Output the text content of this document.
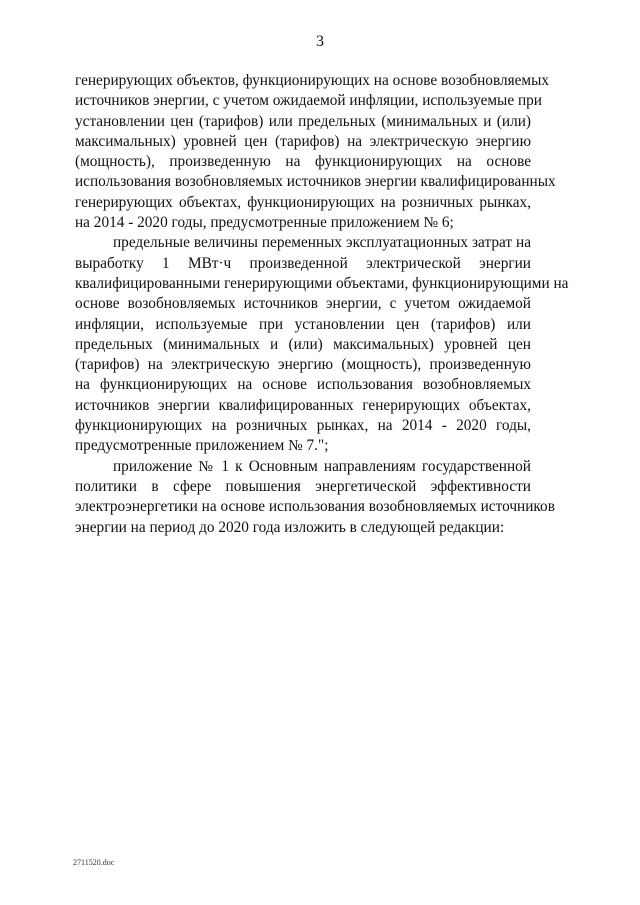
3
генерирующих объектов, функционирующих на основе возобновляемых
источников энергии, с учетом ожидаемой инфляции, используемые при
установлении цен (тарифов) или предельных (минимальных и (или)
максимальных) уровней цен (тарифов) на электрическую энергию
(мощность), произведенную на функционирующих на основе
использования возобновляемых источников энергии квалифицированных
генерирующих объектах, функционирующих на розничных рынках,
на 2014 - 2020 годы, предусмотренные приложением № 6;
предельные величины переменных эксплуатационных затрат на
выработку 1 МВт·ч произведенной электрической энергии
квалифицированными генерирующими объектами, функционирующими на
основе возобновляемых источников энергии, с учетом ожидаемой
инфляции, используемые при установлении цен (тарифов) или
предельных (минимальных и (или) максимальных) уровней цен
(тарифов) на электрическую энергию (мощность), произведенную
на функционирующих на основе использования возобновляемых
источников энергии квалифицированных генерирующих объектах,
функционирующих на розничных рынках, на 2014 - 2020 годы,
предусмотренные приложением № 7.";
приложение № 1 к Основным направлениям государственной
политики в сфере повышения энергетической эффективности
электроэнергетики на основе использования возобновляемых источников
энергии на период до 2020 года изложить в следующей редакции:
2711520.doc
